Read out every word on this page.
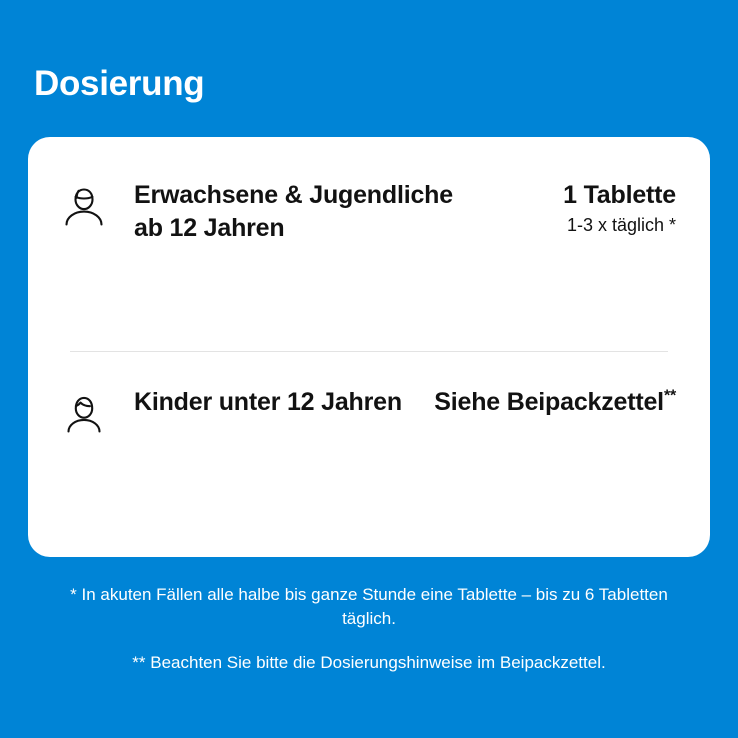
Dosierung
Erwachsene & Jugendliche ab 12 Jahren
1 Tablette
1-3 x täglich *
Kinder unter 12 Jahren	Siehe Beipackzettel**
* In akuten Fällen alle halbe bis ganze Stunde eine Tablette – bis zu 6 Tabletten täglich.
** Beachten Sie bitte die Dosierungshinweise im Beipackzettel.
